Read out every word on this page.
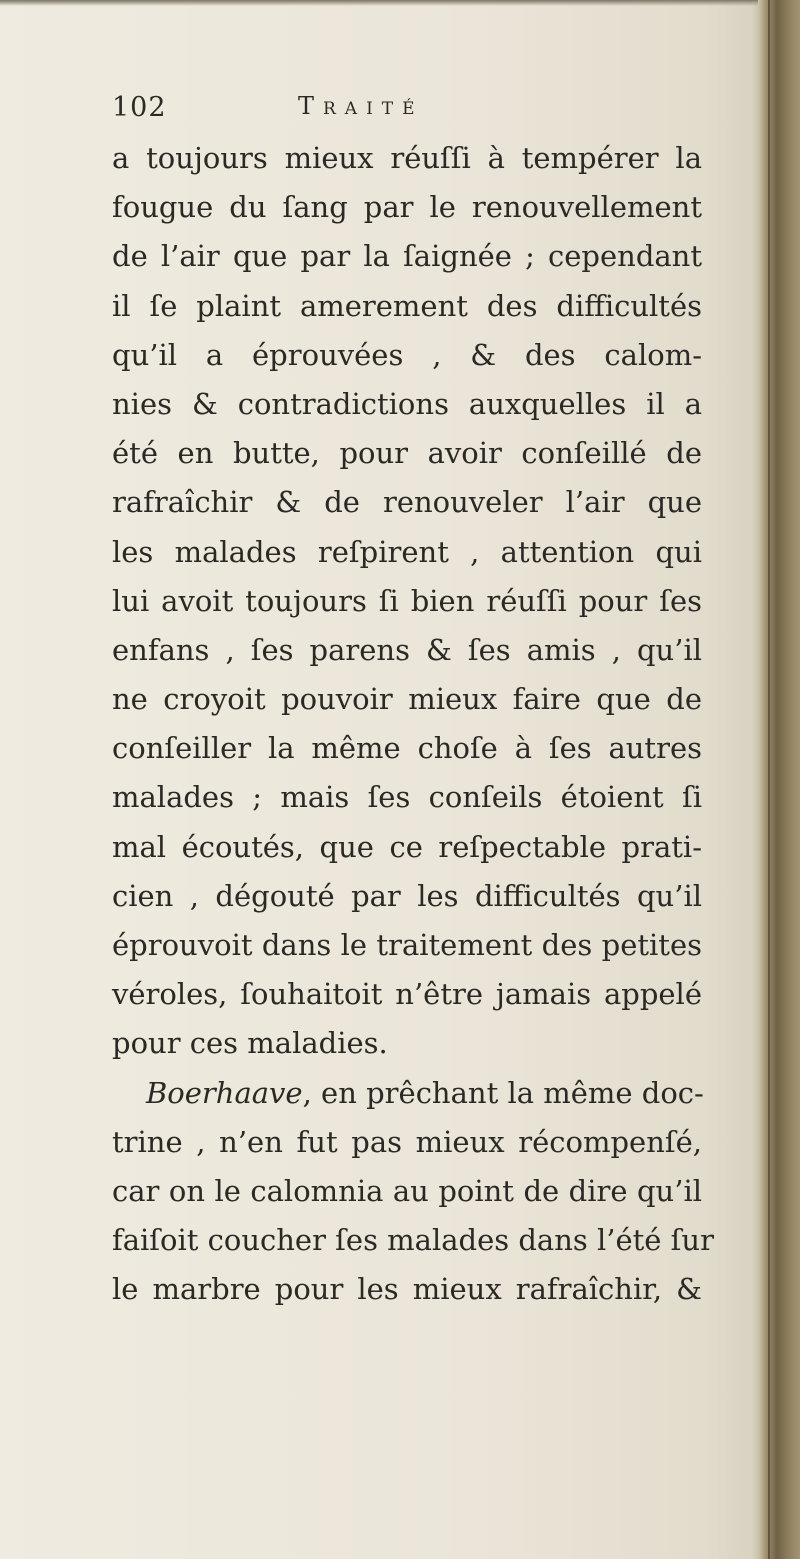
102	Traité
a toujours mieux réuſſi à tempérer la
fougue du ſang par le renouvellement
de l’air que par la ſaignée ; cependant
il ſe plaint amerement des difficultés
qu’il a éprouvées , & des calom-
nies & contradictions auxquelles il a
été en butte, pour avoir conſeillé de
rafraîchir & de renouveler l’air que
les malades reſpirent , attention qui
lui avoit toujours ſi bien réuſſi pour ſes
enfans , ſes parens & ſes amis , qu’il
ne croyoit pouvoir mieux faire que de
conſeiller la même choſe à ſes autres
malades ; mais ſes conſeils étoient ſi
mal écoutés, que ce reſpectable prati-
cien , dégouté par les difficultés qu’il
éprouvoit dans le traitement des petites
véroles, ſouhaitoit n’être jamais appelé
pour ces maladies.
Boerhaave, en prêchant la même doc-
trine , n’en fut pas mieux récompenſé,
car on le calomnia au point de dire qu’il
faiſoit coucher ſes malades dans l’été ſur
le marbre pour les mieux rafraîchir, &
